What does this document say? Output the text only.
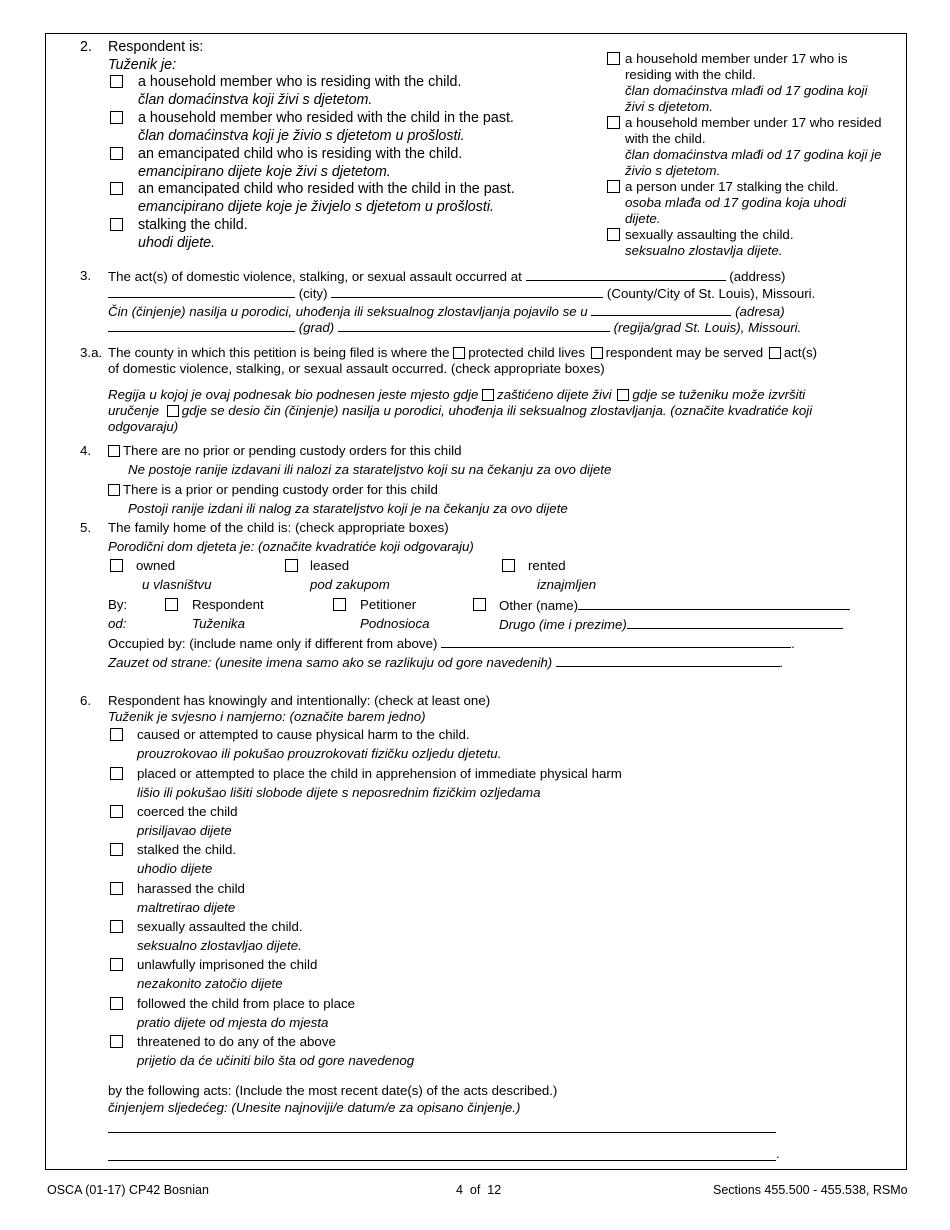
2. Respondent is:
Tuženik je:
a household member who is residing with the child.
član domaćinstva koji živi s djetetom.
a household member who resided with the child in the past.
član domaćinstva koji je živio s djetetom u prošlosti.
an emancipated child who is residing with the child.
emancipirano dijete koje živi s djetetom.
an emancipated child who resided with the child in the past.
emancipirano dijete koje je živjelo s djetetom u prošlosti.
stalking the child.
uhodi dijete.
a household member under 17 who is
residing with the child.
član domaćinstva mlađi od 17 godina koji
živi s djetetom.
a household member under 17 who resided
with the child.
član domaćinstva mlađi od 17 godina koji je
živio s djetetom.
a person under 17 stalking the child.
osoba mlađa od 17 godina koja uhodi
dijete.
sexually assaulting the child.
seksualno zlostavlja dijete.
3. The act(s) of domestic violence, stalking, or sexual assault occurred at	(address)
(city)	(County/City of St. Louis), Missouri.
Čin (činjenje) nasilja u porodici, uhođenja ili seksualnog zlostavljanja pojavilo se u	(adresa)
(grad)	(regija/grad St. Louis), Missouri.
3.a. The county in which this petition is being filed is where the protected child lives respondent may be served act(s)
of domestic violence, stalking, or sexual assault occurred. (check appropriate boxes)
Regija u kojoj je ovaj podnesak bio podnesen jeste mjesto gdje zaštićeno dijete živi gdje se tuženiku može izvršiti
uručenje gdje se desio čin (činjenje) nasilja u porodici, uhođenja ili seksualnog zlostavljanja. (označite kvadratiće koji
odgovaraju)
4.	There are no prior or pending custody orders for this child
Ne postoje ranije izdavani ili nalozi za starateljstvo koji su na čekanju za ovo dijete
There is a prior or pending custody order for this child
Postoji ranije izdani ili nalog za starateljstvo koji je na čekanju za ovo dijete
5. The family home of the child is: (check appropriate boxes)
Porodični dom djeteta je: (označite kvadratiće koji odgovaraju)
owned	leased	rented
u vlasništvu	pod zakupom	iznajmljen
By:	Respondent	Petitioner	Other (name)
od:	Tuženika	Podnosioca	Drugo (ime i prezime)
Occupied by: (include name only if different from above)	.
Zauzet od strane: (unesite imena samo ako se razlikuju od gore navedenih)	.
6. Respondent has knowingly and intentionally: (check at least one)
Tuženik je svjesno i namjerno: (označite barem jedno)
caused or attempted to cause physical harm to the child.
prouzrokovao ili pokušao prouzrokovati fizičku ozljedu djetetu.
placed or attempted to place the child in apprehension of immediate physical harm
lišio ili pokušao lišiti slobode dijete s neposrednim fizičkim ozljedama
coerced the child
prisiljavao dijete
stalked the child.
uhodio dijete
harassed the child
maltretirao dijete
sexually assaulted the child.
seksualno zlostavljao dijete.
unlawfully imprisoned the child
nezakonito zatočio dijete
followed the child from place to place
pratio dijete od mjesta do mjesta
threatened to do any of the above
prijetio da će učiniti bilo šta od gore navedenog
by the following acts: (Include the most recent date(s) of the acts described.)
činjenjem sljedećeg: (Unesite najnoviji/e datum/e za opisano činjenje.)
.
OSCA (01-17) CP42 Bosnian	4 of 12	Sections 455.500 - 455.538, RSMo
